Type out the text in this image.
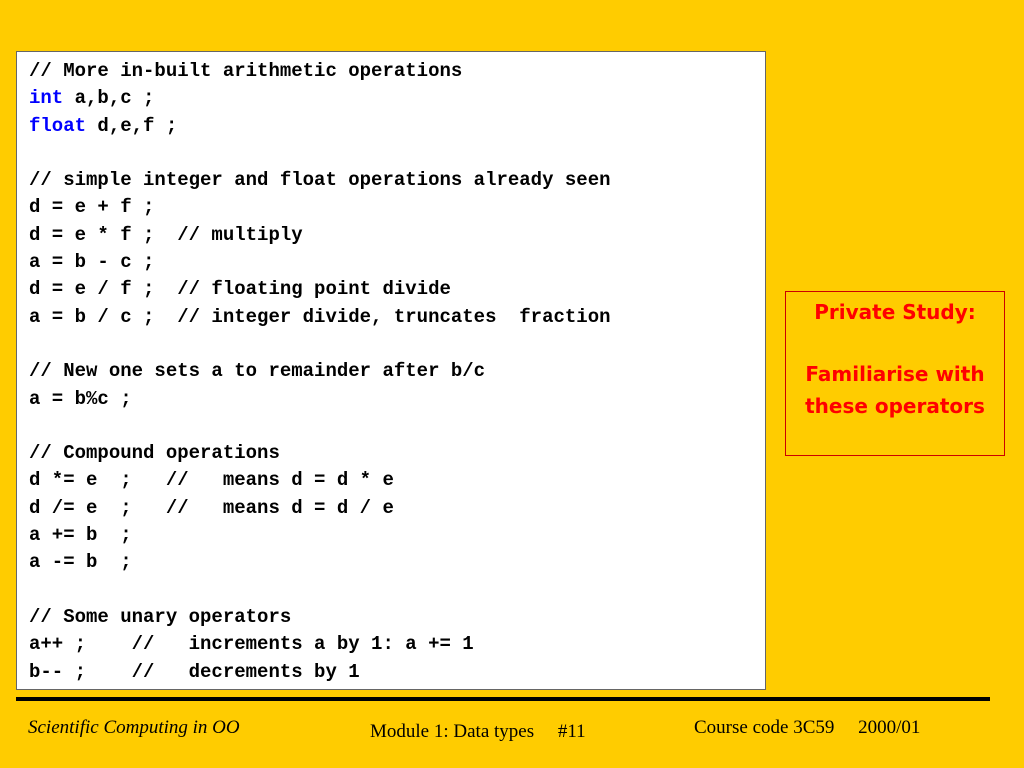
// More in-built arithmetic operations
int a,b,c ;
float d,e,f ;
// simple integer and float operations already seen
d = e + f ;
d = e * f ;  // multiply
a = b - c ;
d = e / f ;  // floating point divide
a = b / c ;  // integer divide, truncates  fraction
// New one sets a to remainder after b/c
a = b%c ;
// Compound operations
d *= e  ;   //   means d = d * e
d /= e  ;   //   means d = d / e
a += b  ;
a -= b  ;
// Some unary operators
a++ ;    //   increments a by 1: a += 1
b-- ;    //   decrements by 1
Private Study:
Familiarise with these operators
Scientific Computing in OO	Module 1: Data types     #11	Course code 3C59     2000/01
